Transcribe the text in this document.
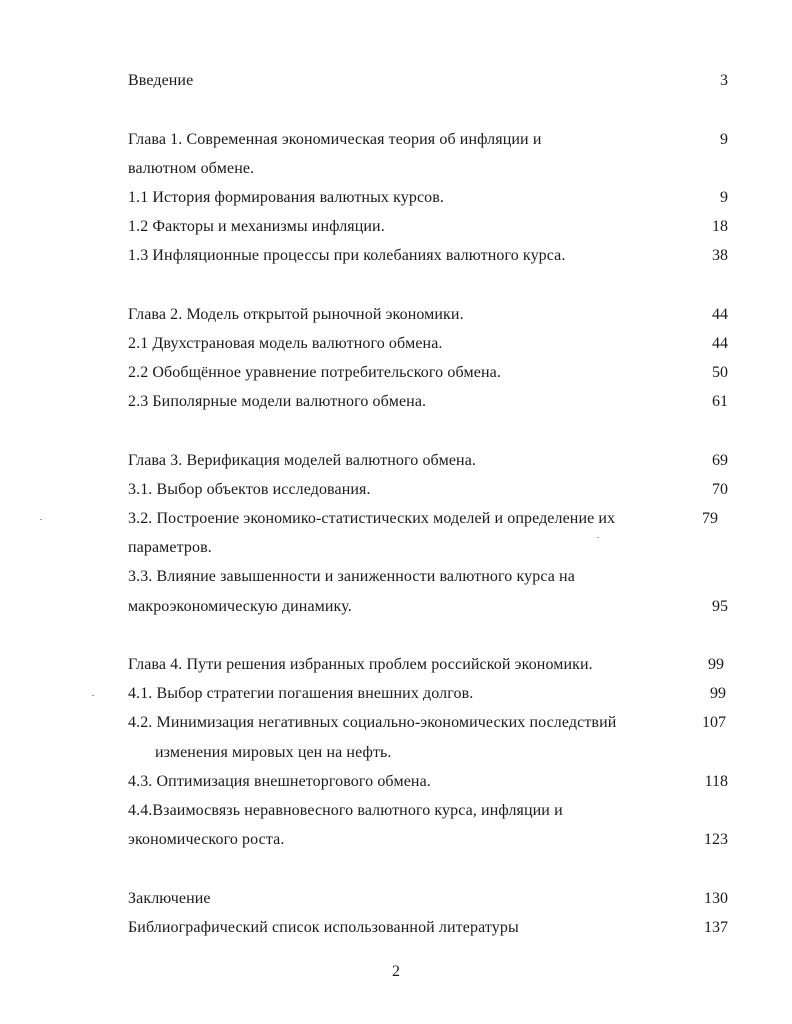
Введение	3
Глава 1. Современная экономическая теория об инфляции и	9
валютном обмене.
1.1 История формирования валютных курсов.	9
1.2 Факторы и механизмы инфляции.	18
1.3 Инфляционные процессы при колебаниях валютного курса.	38
Глава 2. Модель открытой рыночной экономики.	44
2.1 Двухстрановая модель валютного обмена.	44
2.2 Обобщённое уравнение потребительского обмена.	50
2.3 Биполярные модели валютного обмена.	61
Глава 3. Верификация моделей валютного обмена.	69
3.1. Выбор объектов исследования.	70
3.2. Построение экономико-статистических моделей и определение их	79
параметров.
3.3. Влияние завышенности и заниженности валютного курса на
макроэкономическую динамику.	95
Глава 4. Пути решения избранных проблем российской экономики.	99
4.1. Выбор стратегии погашения внешних долгов.	99
4.2. Минимизация негативных социально-экономических последствий	107
изменения мировых цен на нефть.
4.3. Оптимизация внешнеторгового обмена.	118
4.4.Взаимосвязь неравновесного валютного курса, инфляции и
экономического роста.	123
Заключение	130
Библиографический список использованной литературы	137
2
